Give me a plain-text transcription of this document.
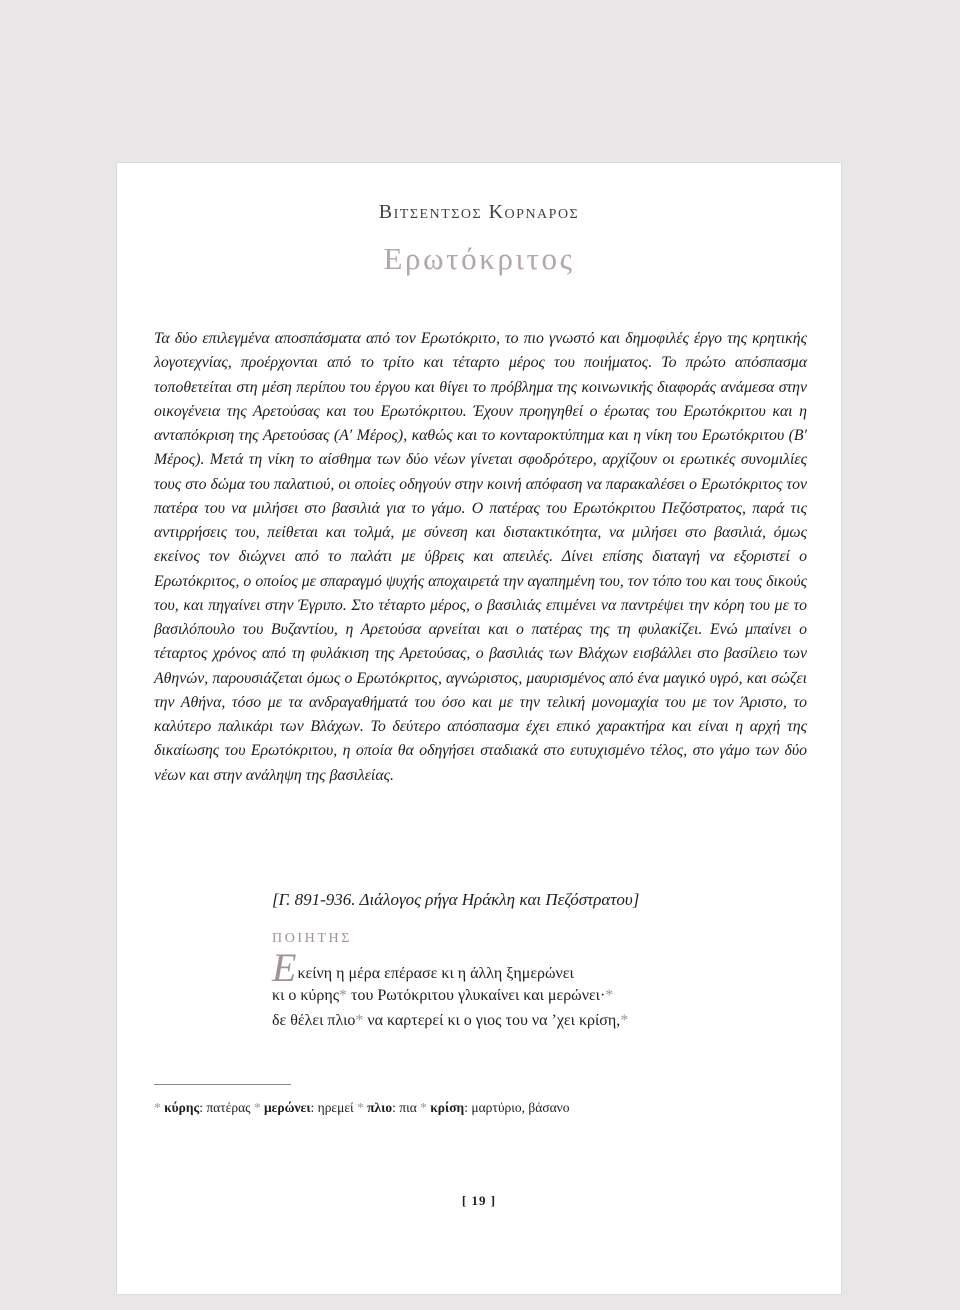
Βιτσεντσος Κορναρος
Ερωτόκριτος

Τα δύο επιλεγμένα αποσπάσματα από τον Ερωτόκριτο, το πιο γνωστό και δημοφιλές έργο της κρητικής λογοτεχνίας, προέρχονται από το τρίτο και τέταρτο μέρος του ποιήματος. Το πρώτο απόσπασμα τοποθετείται στη μέση περίπου του έργου και θίγει το πρόβλημα της κοινωνικής διαφοράς ανάμεσα στην οικογένεια της Αρετούσας και του Ερωτόκριτου. Έχουν προηγηθεί ο έρωτας του Ερωτόκριτου και η ανταπόκριση της Αρετούσας (Α′ Μέρος), καθώς και το κονταροκτύπημα και η νίκη του Ερωτόκριτου (Β′ Μέρος). Μετά τη νίκη το αίσθημα των δύο νέων γίνεται σφοδρότερο, αρχίζουν οι ερωτικές συνομιλίες τους στο δώμα του παλατιού, οι οποίες οδηγούν στην κοινή απόφαση να παρακαλέσει ο Ερωτόκριτος τον πατέρα του να μιλήσει στο βασιλιά για το γάμο. Ο πατέρας του Ερωτόκριτου Πεζόστρατος, παρά τις αντιρρήσεις του, πείθεται και τολμά, με σύνεση και διστακτικότητα, να μιλήσει στο βασιλιά, όμως εκείνος τον διώχνει από το παλάτι με ύβρεις και απειλές. Δίνει επίσης διαταγή να εξοριστεί ο Ερωτόκριτος, ο οποίος με σπαραγμό ψυχής αποχαιρετά την αγαπημένη του, τον τόπο του και τους δικούς του, και πηγαίνει στην Έγριπο. Στο τέταρτο μέρος, ο βασιλιάς επιμένει να παντρέψει την κόρη του με το βασιλόπουλο του Βυζαντίου, η Αρετούσα αρνείται και ο πατέρας της τη φυλακίζει. Ενώ μπαίνει ο τέταρτος χρόνος από τη φυλάκιση της Αρετούσας, ο βασιλιάς των Βλάχων εισβάλλει στο βασίλειο των Αθηνών, παρουσιάζεται όμως ο Ερωτόκριτος, αγνώριστος, μαυρισμένος από ένα μαγικό υγρό, και σώζει την Αθήνα, τόσο με τα ανδραγαθήματά του όσο και με την τελική μονομαχία του με τον Άριστο, το καλύτερο παλικάρι των Βλάχων. Το δεύτερο απόσπασμα έχει επικό χαρακτήρα και είναι η αρχή της δικαίωσης του Ερωτόκριτου, η οποία θα οδηγήσει σταδιακά στο ευτυχισμένο τέλος, στο γάμο των δύο νέων και στην ανάληψη της βασιλείας.

[Γ. 891-936. Διάλογος ρήγα Ηράκλη και Πεζόστρατου]
ΠΟΙΗΤΗΣ
Εκείνη η μέρα επέρασε κι η άλλη ξημερώνει
κι ο κύρης* του Ρωτόκριτου γλυκαίνει και μερώνει·*
δε θέλει πλιο* να καρτερεί κι ο γιος του να ’χει κρίση,*

* κύρης: πατέρας * μερώνει: ηρεμεί * πλιο: πια * κρίση: μαρτύριο, βάσανο

[ 19 ]
